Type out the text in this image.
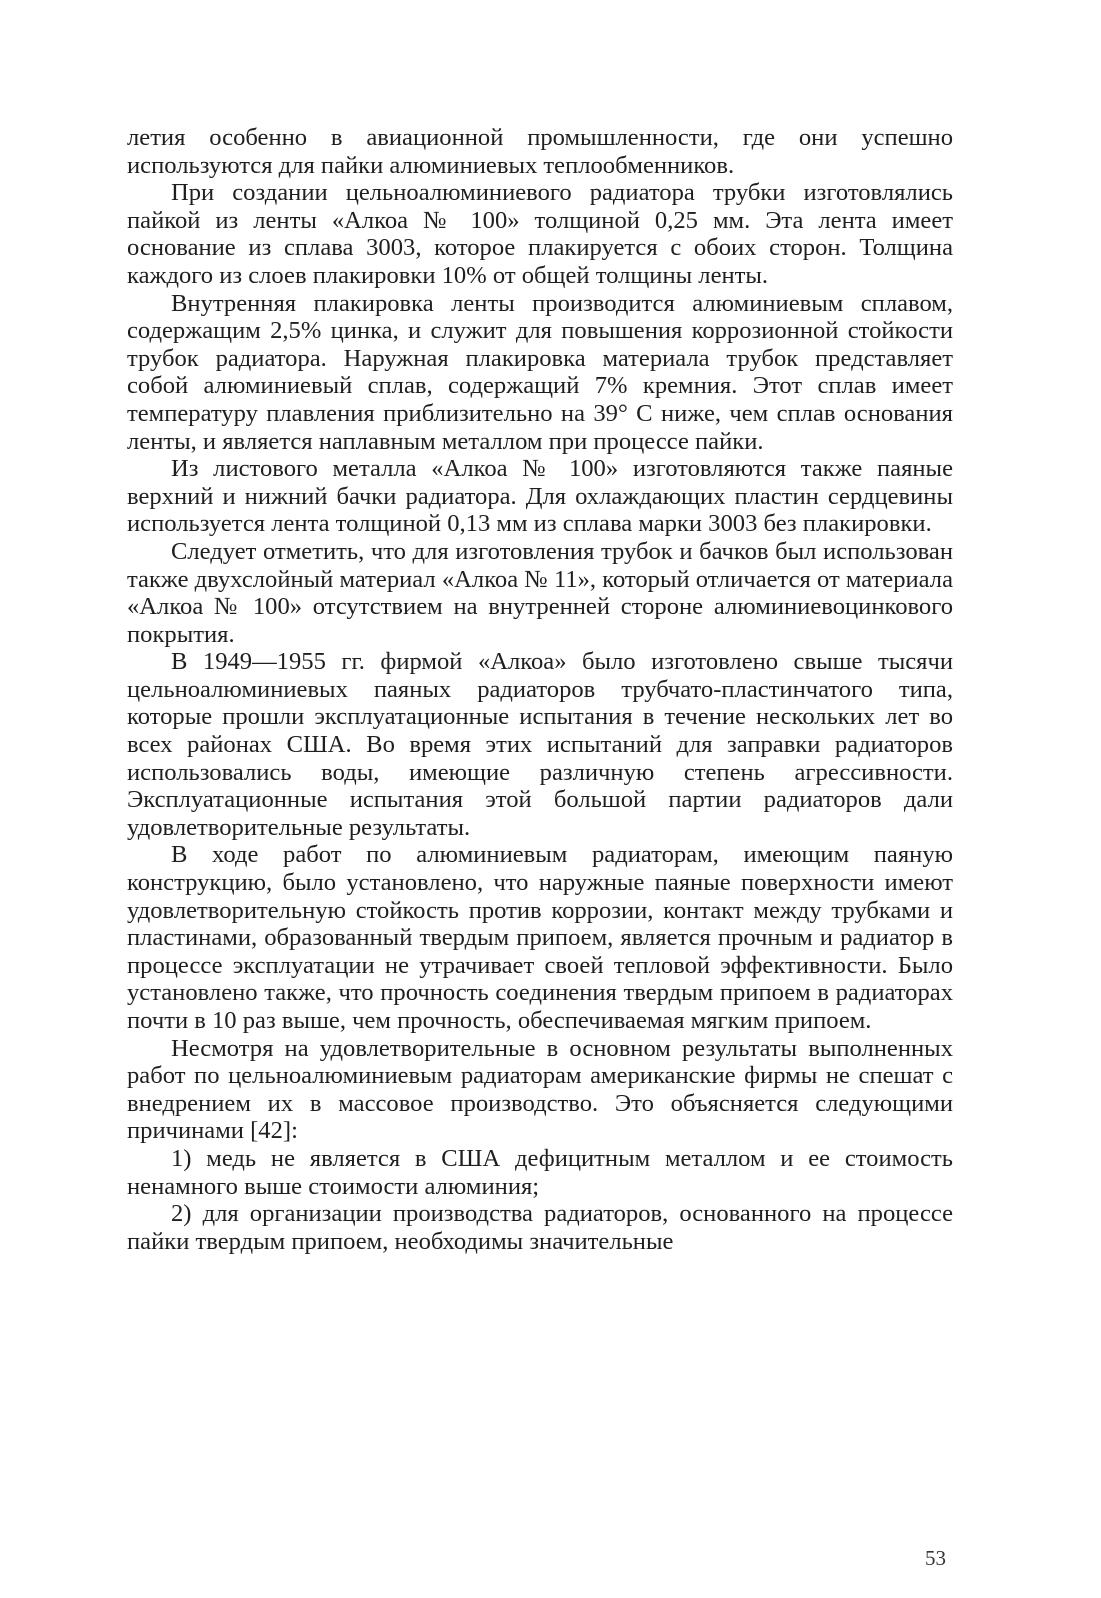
летия особенно в авиационной промышленности, где они успешно используются для пайки алюминиевых теплообменников.

При создании цельноалюминиевого радиатора трубки изготовлялись пайкой из ленты «Алкоа № 100» толщиной 0,25 мм. Эта лента имеет основание из сплава 3003, которое плакируется с обоих сторон. Толщина каждого из слоев плакировки 10% от общей толщины ленты.

Внутренняя плакировка ленты производится алюминиевым сплавом, содержащим 2,5% цинка, и служит для повышения коррозионной стойкости трубок радиатора. Наружная плакировка материала трубок представляет собой алюминиевый сплав, содержащий 7% кремния. Этот сплав имеет температуру плавления приблизительно на 39° С ниже, чем сплав основания ленты, и является наплавным металлом при процессе пайки.

Из листового металла «Алкоа № 100» изготовляются также паяные верхний и нижний бачки радиатора. Для охлаждающих пластин сердцевины используется лента толщиной 0,13 мм из сплава марки 3003 без плакировки.

Следует отметить, что для изготовления трубок и бачков был использован также двухслойный материал «Алкоа № 11», который отличается от материала «Алкоа № 100» отсутствием на внутренней стороне алюминиевоцинкового покрытия.

В 1949—1955 гг. фирмой «Алкоа» было изготовлено свыше тысячи цельноалюминиевых паяных радиаторов трубчато-пластинчатого типа, которые прошли эксплуатационные испытания в течение нескольких лет во всех районах США. Во время этих испытаний для заправки радиаторов использовались воды, имеющие различную степень агрессивности. Эксплуатационные испытания этой большой партии радиаторов дали удовлетворительные результаты.

В ходе работ по алюминиевым радиаторам, имеющим паяную конструкцию, было установлено, что наружные паяные поверхности имеют удовлетворительную стойкость против коррозии, контакт между трубками и пластинами, образованный твердым припоем, является прочным и радиатор в процессе эксплуатации не утрачивает своей тепловой эффективности. Было установлено также, что прочность соединения твердым припоем в радиаторах почти в 10 раз выше, чем прочность, обеспечиваемая мягким припоем.

Несмотря на удовлетворительные в основном результаты выполненных работ по цельноалюминиевым радиаторам американские фирмы не спешат с внедрением их в массовое производство. Это объясняется следующими причинами [42]:

1) медь не является в США дефицитным металлом и ее стоимость ненамного выше стоимости алюминия;

2) для организации производства радиаторов, основанного на процессе пайки твердым припоем, необходимы значительные

53
